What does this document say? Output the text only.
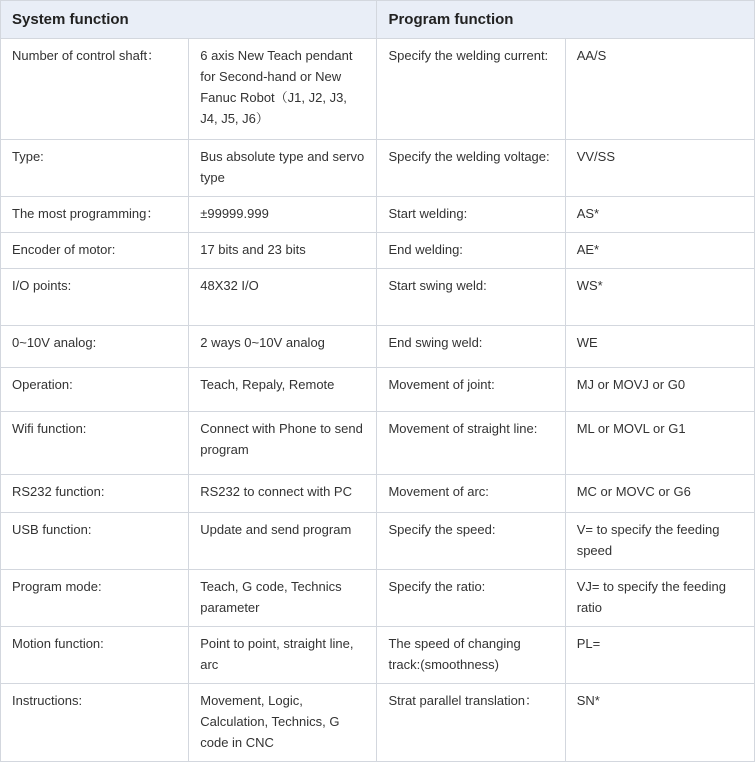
System function		Program function	
Number of control shaft：	6 axis New Teach pendant for Second-hand or New Fanuc Robot（J1, J2, J3, J4, J5, J6）	Specify the welding current:	AA/S
Type:	Bus absolute type and servo type	Specify the welding voltage:	VV/SS
The most programming：	±99999.999	Start welding:	AS*
Encoder of motor:	17 bits and 23 bits	End welding:	AE*
I/O points:	48X32 I/O	Start swing weld:	WS*
0~10V analog:	2 ways 0~10V analog	End swing weld:	WE
Operation:	Teach, Repaly, Remote	Movement of joint:	MJ or MOVJ or G0
Wifi function:	Connect with Phone to send program	Movement of straight line:	ML or MOVL or G1
RS232 function:	RS232 to connect with PC	Movement of arc:	MC or MOVC or G6
USB function:	Update and send program	Specify the speed:	V= to specify the feeding speed
Program mode:	Teach, G code, Technics parameter	Specify the ratio:	VJ= to specify the feeding ratio
Motion function:	Point to point, straight line, arc	The speed of changing track:(smoothness)	PL=
Instructions:	Movement, Logic, Calculation, Technics, G code in CNC	Strat parallel translation：	SN*
